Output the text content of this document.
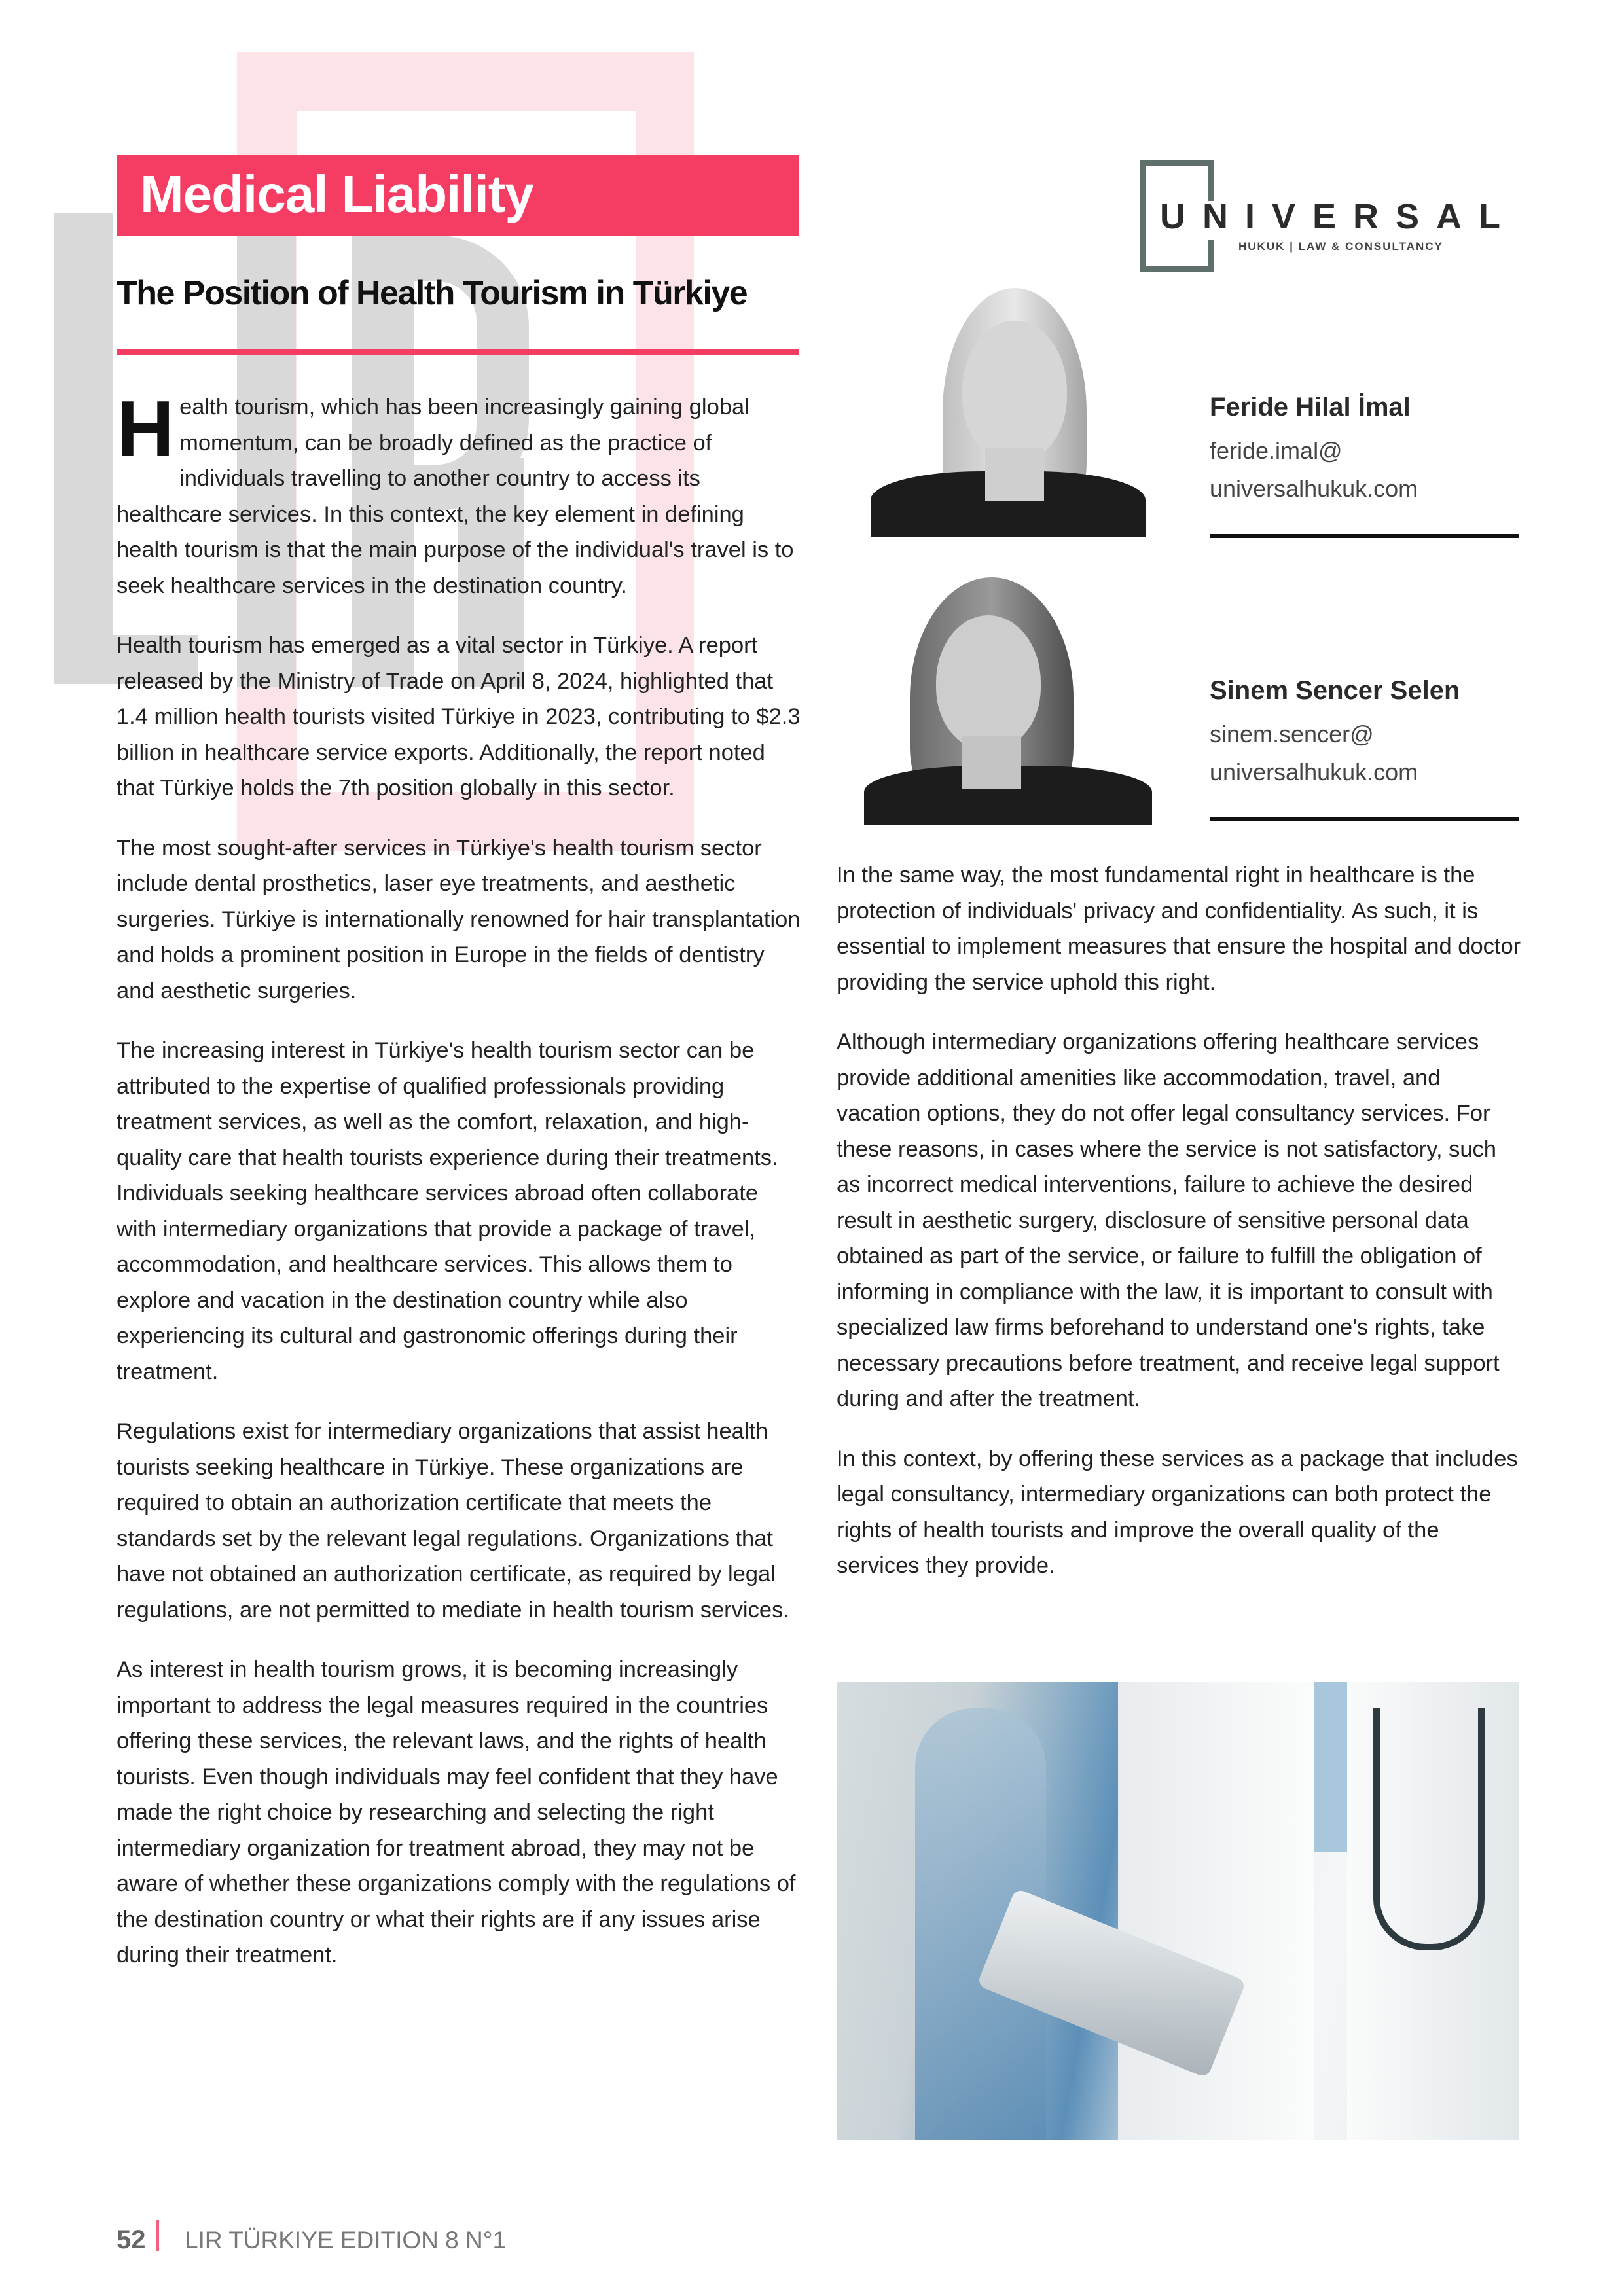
Medical Liability
The Position of Health Tourism in Türkiye

Health tourism, which has been increasingly gaining global momentum, can be broadly defined as the practice of individuals travelling to another country to access its healthcare services. In this context, the key element in defining health tourism is that the main purpose of the individual's travel is to seek healthcare services in the destination country.

Health tourism has emerged as a vital sector in Türkiye. A report released by the Ministry of Trade on April 8, 2024, highlighted that 1.4 million health tourists visited Türkiye in 2023, contributing to $2.3 billion in healthcare service exports. Additionally, the report noted that Türkiye holds the 7th position globally in this sector.

The most sought-after services in Türkiye's health tourism sector include dental prosthetics, laser eye treatments, and aesthetic surgeries. Türkiye is internationally renowned for hair transplantation and holds a prominent position in Europe in the fields of dentistry and aesthetic surgeries.

The increasing interest in Türkiye's health tourism sector can be attributed to the expertise of qualified professionals providing treatment services, as well as the comfort, relaxation, and high-quality care that health tourists experience during their treatments. Individuals seeking healthcare services abroad often collaborate with intermediary organizations that provide a package of travel, accommodation, and healthcare services. This allows them to explore and vacation in the destination country while also experiencing its cultural and gastronomic offerings during their treatment.

Regulations exist for intermediary organizations that assist health tourists seeking healthcare in Türkiye. These organizations are required to obtain an authorization certificate that meets the standards set by the relevant legal regulations. Organizations that have not obtained an authorization certificate, as required by legal regulations, are not permitted to mediate in health tourism services.

As interest in health tourism grows, it is becoming increasingly important to address the legal measures required in the countries offering these services, the relevant laws, and the rights of health tourists. Even though individuals may feel confident that they have made the right choice by researching and selecting the right intermediary organization for treatment abroad, they may not be aware of whether these organizations comply with the regulations of the destination country or what their rights are if any issues arise during their treatment.

UNIVERSAL
HUKUK | LAW & CONSULTANCY
Feride Hilal İmal
feride.imal@
universalhukuk.com
Sinem Sencer Selen
sinem.sencer@
universalhukuk.com

In the same way, the most fundamental right in healthcare is the protection of individuals' privacy and confidentiality. As such, it is essential to implement measures that ensure the hospital and doctor providing the service uphold this right.

Although intermediary organizations offering healthcare services provide additional amenities like accommodation, travel, and vacation options, they do not offer legal consultancy services. For these reasons, in cases where the service is not satisfactory, such as incorrect medical interventions, failure to achieve the desired result in aesthetic surgery, disclosure of sensitive personal data obtained as part of the service, or failure to fulfill the obligation of informing in compliance with the law, it is important to consult with specialized law firms beforehand to understand one's rights, take necessary precautions before treatment, and receive legal support during and after the treatment.

In this context, by offering these services as a package that includes legal consultancy, intermediary organizations can both protect the rights of health tourists and improve the overall quality of the services they provide.

52 LIR TÜRKIYE EDITION 8 N°1
